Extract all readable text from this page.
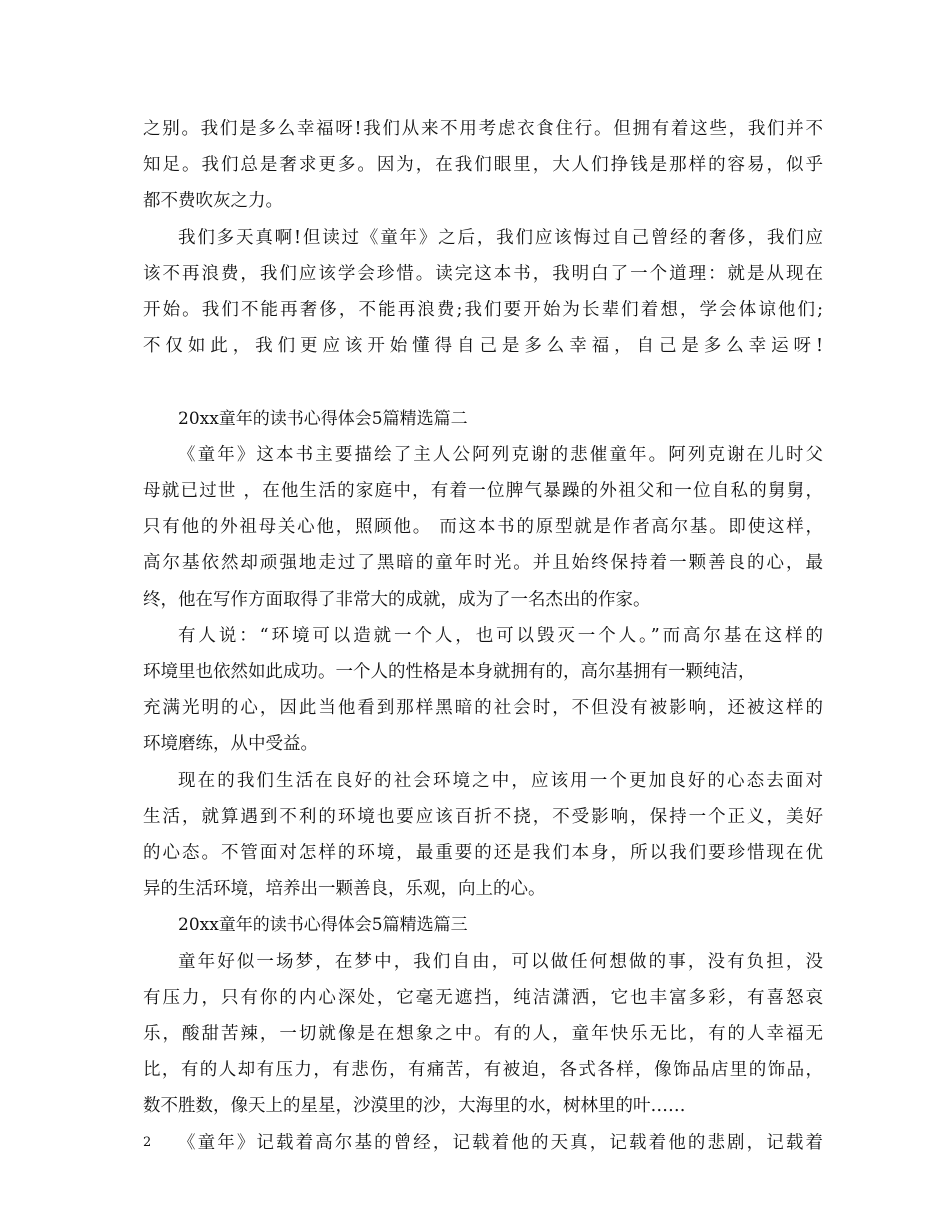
之别。我们是多么幸福呀!我们从来不用考虑衣食住行。但拥有着这些，我们并不
知足。我们总是奢求更多。因为，在我们眼里，大人们挣钱是那样的容易，似乎
都不费吹灰之力。
我们多天真啊!但读过《童年》之后，我们应该悔过自己曾经的奢侈，我们应
该不再浪费，我们应该学会珍惜。读完这本书，我明白了一个道理：就是从现在
开始。我们不能再奢侈，不能再浪费;我们要开始为长辈们着想，学会体谅他们;
不仅如此，我们更应该开始懂得自己是多么幸福，自己是多么幸运呀!
20xx童年的读书心得体会5篇精选篇二
《童年》这本书主要描绘了主人公阿列克谢的悲催童年。阿列克谢在儿时父
母就已过世 ，在他生活的家庭中，有着一位脾气暴躁的外祖父和一位自私的舅舅，
只有他的外祖母关心他，照顾他。 而这本书的原型就是作者高尔基。即使这样，
高尔基依然却顽强地走过了黑暗的童年时光。并且始终保持着一颗善良的心，最
终，他在写作方面取得了非常大的成就，成为了一名杰出的作家。
有人说：“环境可以造就一个人，也可以毁灭一个人。”而高尔基在这样的
环境里也依然如此成功。一个人的性格是本身就拥有的，高尔基拥有一颗纯洁，
充满光明的心，因此当他看到那样黑暗的社会时，不但没有被影响，还被这样的
环境磨练，从中受益。
现在的我们生活在良好的社会环境之中，应该用一个更加良好的心态去面对
生活，就算遇到不利的环境也要应该百折不挠，不受影响，保持一个正义，美好
的心态。不管面对怎样的环境，最重要的还是我们本身，所以我们要珍惜现在优
异的生活环境，培养出一颗善良，乐观，向上的心。
20xx童年的读书心得体会5篇精选篇三
童年好似一场梦，在梦中，我们自由，可以做任何想做的事，没有负担，没
有压力，只有你的内心深处，它毫无遮挡，纯洁潇洒，它也丰富多彩，有喜怒哀
乐，酸甜苦辣，一切就像是在想象之中。有的人，童年快乐无比，有的人幸福无
比，有的人却有压力，有悲伤，有痛苦，有被迫，各式各样，像饰品店里的饰品，
数不胜数，像天上的星星，沙漠里的沙，大海里的水，树林里的叶……
《童年》记载着高尔基的曾经，记载着他的天真，记载着他的悲剧，记载着
2
